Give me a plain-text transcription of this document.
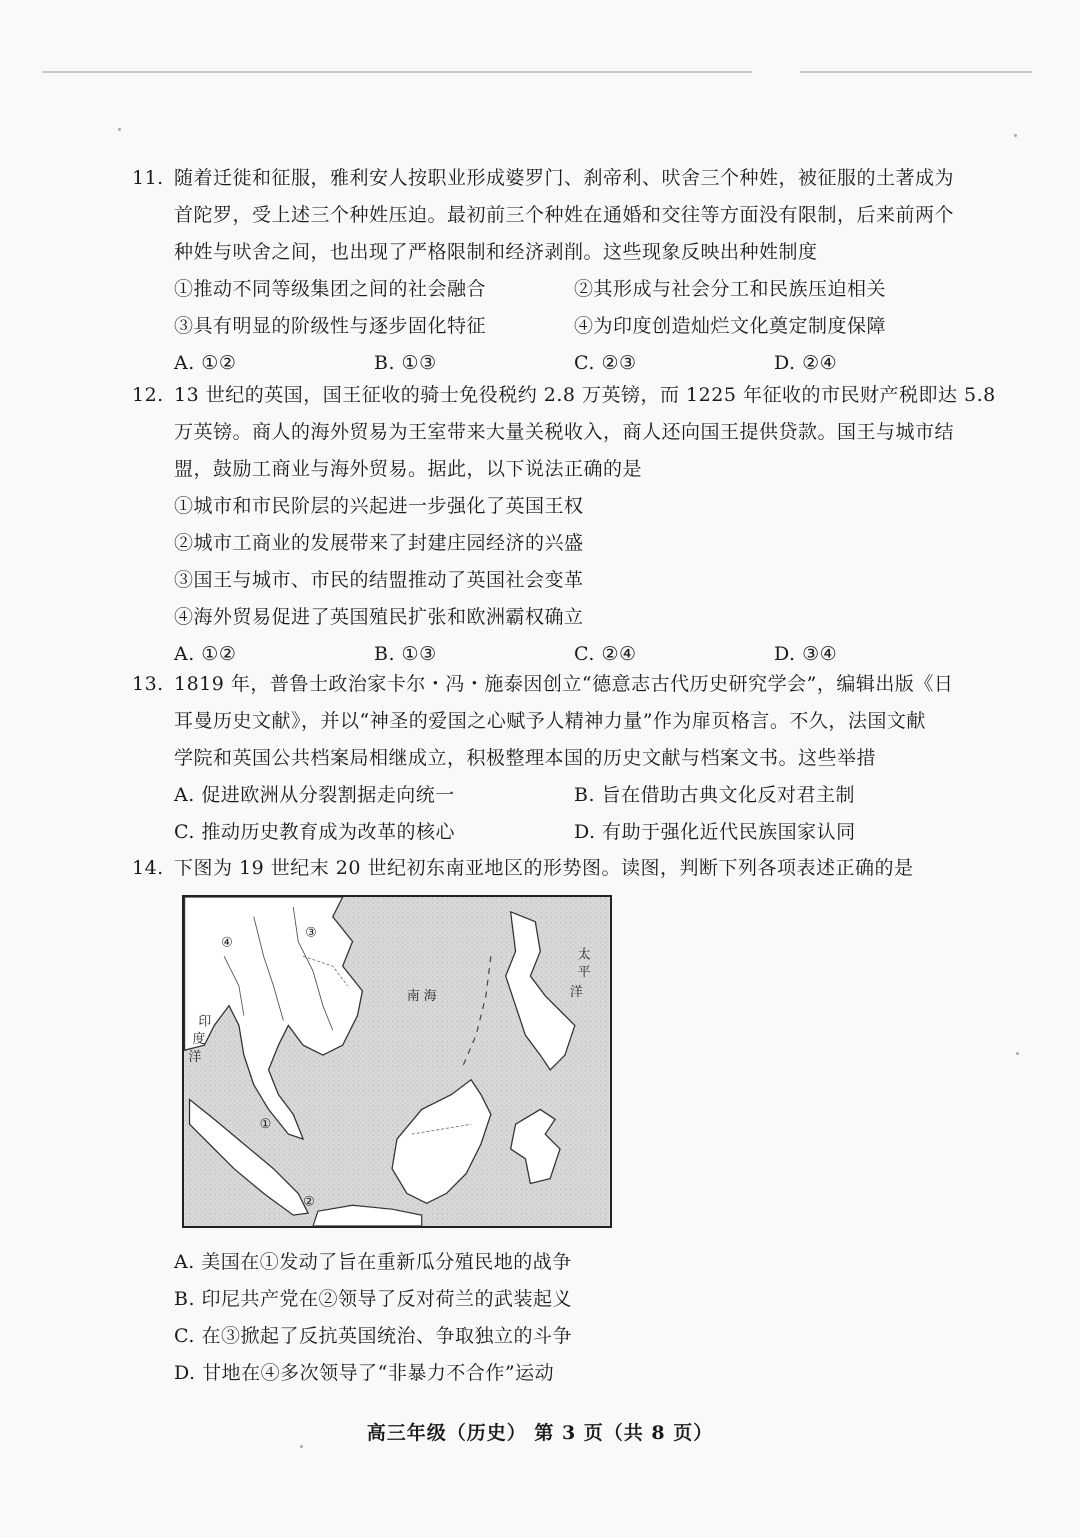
11. 随着迁徙和征服，雅利安人按职业形成婆罗门、刹帝利、吠舍三个种姓，被征服的土著成为
首陀罗，受上述三个种姓压迫。最初前三个种姓在通婚和交往等方面没有限制，后来前两个
种姓与吠舍之间，也出现了严格限制和经济剥削。这些现象反映出种姓制度
①推动不同等级集团之间的社会融合	②其形成与社会分工和民族压迫相关
③具有明显的阶级性与逐步固化特征	④为印度创造灿烂文化奠定制度保障
A. ①②	B. ①③	C. ②③	D. ②④
12. 13 世纪的英国，国王征收的骑士免役税约 2.8 万英镑，而 1225 年征收的市民财产税即达 5.8
万英镑。商人的海外贸易为王室带来大量关税收入，商人还向国王提供贷款。国王与城市结
盟，鼓励工商业与海外贸易。据此，以下说法正确的是
①城市和市民阶层的兴起进一步强化了英国王权
②城市工商业的发展带来了封建庄园经济的兴盛
③国王与城市、市民的结盟推动了英国社会变革
④海外贸易促进了英国殖民扩张和欧洲霸权确立
A. ①②	B. ①③	C. ②④	D. ③④
13. 1819 年，普鲁士政治家卡尔・冯・施泰因创立“德意志古代历史研究学会”，编辑出版《日
耳曼历史文献》，并以“神圣的爱国之心赋予人精神力量”作为扉页格言。不久，法国文献
学院和英国公共档案局相继成立，积极整理本国的历史文献与档案文书。这些举措
A. 促进欧洲从分裂割据走向统一	B. 旨在借助古典文化反对君主制
C. 推动历史教育成为改革的核心	D. 有助于强化近代民族国家认同
14. 下图为 19 世纪末 20 世纪初东南亚地区的形势图。读图，判断下列各项表述正确的是
南 海
太
平
洋
印
度
洋
①
②
③
④
A. 美国在①发动了旨在重新瓜分殖民地的战争
B. 印尼共产党在②领导了反对荷兰的武装起义
C. 在③掀起了反抗英国统治、争取独立的斗争
D. 甘地在④多次领导了“非暴力不合作”运动
高三年级（历史） 第 3 页（共 8 页）
